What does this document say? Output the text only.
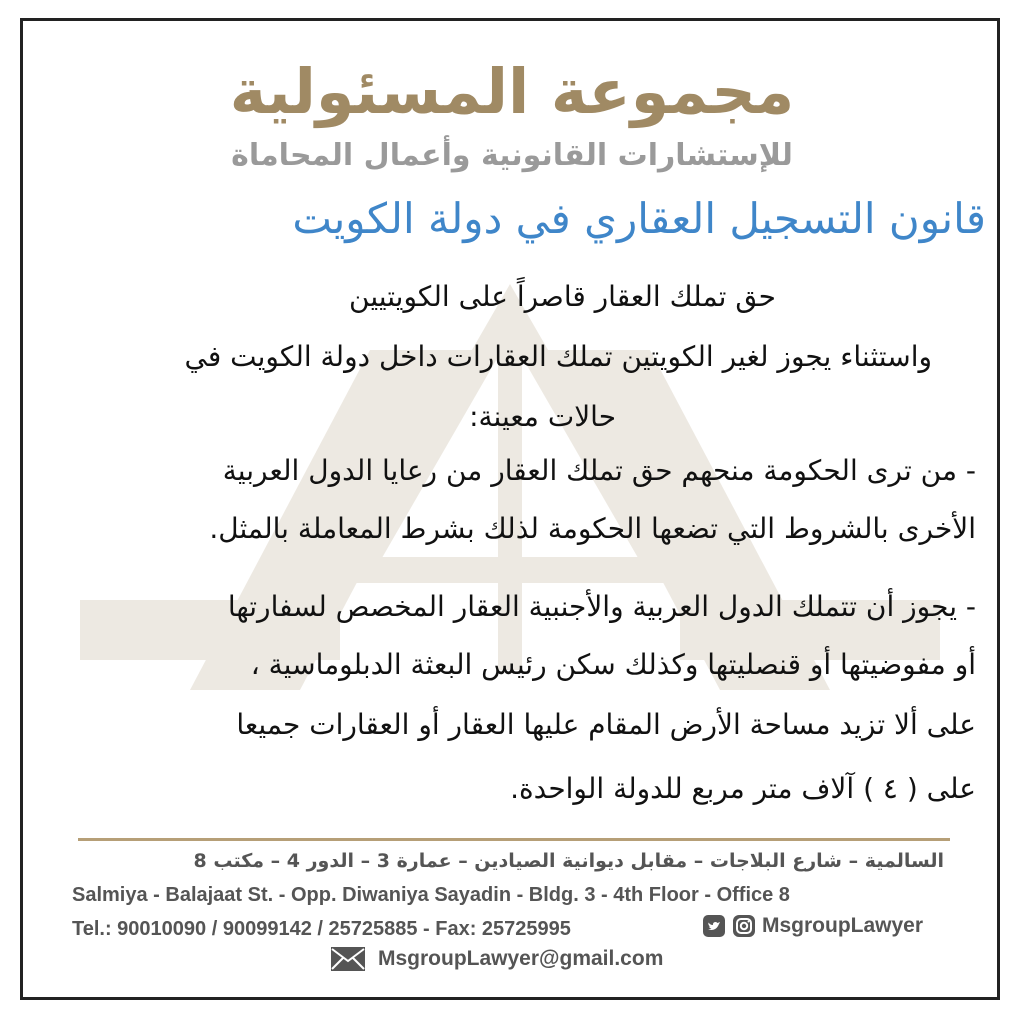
مجموعة المسئولية
للإستشارات القانونية وأعمال المحاماة
قانون التسجيل العقاري في دولة الكويت
حق تملك العقار قاصراً على الكويتيين
واستثناء يجوز لغير الكويتين تملك العقارات داخل دولة الكويت في
حالات معينة:
- من ترى الحكومة منحهم حق تملك العقار من رعايا الدول العربية
الأخرى بالشروط التي تضعها الحكومة لذلك بشرط المعاملة بالمثل.
- يجوز أن تتملك الدول العربية والأجنبية العقار المخصص لسفارتها
أو مفوضيتها أو قنصليتها وكذلك سكن رئيس البعثة الدبلوماسية ،
على ألا تزيد مساحة الأرض المقام عليها العقار أو العقارات جميعا
على ( ٤ ) آلاف متر مربع للدولة الواحدة.
السالمية – شارع البلاجات – مقابل ديوانية الصيادين – عمارة 3 – الدور 4 – مكتب 8
Salmiya - Balajaat St. - Opp. Diwaniya Sayadin - Bldg. 3 - 4th Floor - Office 8
Tel.: 90010090 / 90099142 / 25725885 - Fax: 25725995	MsgroupLawyer
MsgroupLawyer@gmail.com
